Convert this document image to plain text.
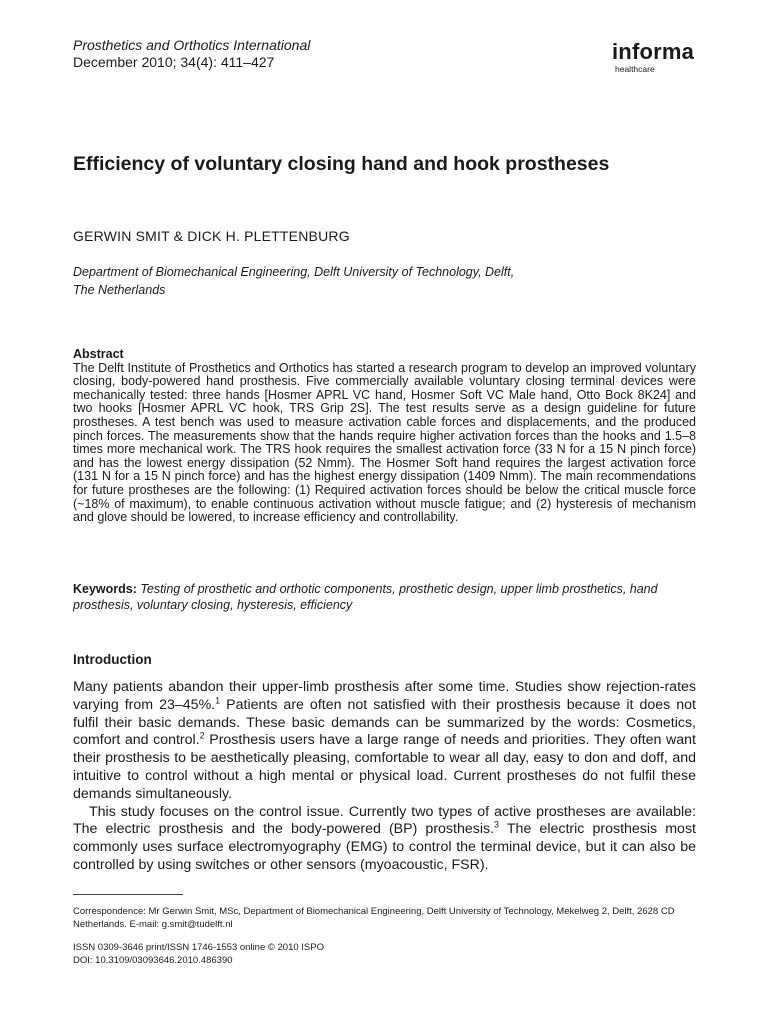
Prosthetics and Orthotics International
December 2010; 34(4): 411–427	informa
healthcare
Efficiency of voluntary closing hand and hook prostheses
GERWIN SMIT & DICK H. PLETTENBURG
Department of Biomechanical Engineering, Delft University of Technology, Delft,
The Netherlands
Abstract
The Delft Institute of Prosthetics and Orthotics has started a research program to develop an improved voluntary closing, body-powered hand prosthesis. Five commercially available voluntary closing terminal devices were mechanically tested: three hands [Hosmer APRL VC hand, Hosmer Soft VC Male hand, Otto Bock 8K24] and two hooks [Hosmer APRL VC hook, TRS Grip 2S]. The test results serve as a design guideline for future prostheses. A test bench was used to measure activation cable forces and displacements, and the produced pinch forces. The measurements show that the hands require higher activation forces than the hooks and 1.5–8 times more mechanical work. The TRS hook requires the smallest activation force (33 N for a 15 N pinch force) and has the lowest energy dissipation (52 Nmm). The Hosmer Soft hand requires the largest activation force (131 N for a 15 N pinch force) and has the highest energy dissipation (1409 Nmm). The main recommendations for future prostheses are the following: (1) Required activation forces should be below the critical muscle force (~18% of maximum), to enable continuous activation without muscle fatigue; and (2) hysteresis of mechanism and glove should be lowered, to increase efficiency and controllability.
Keywords: Testing of prosthetic and orthotic components, prosthetic design, upper limb prosthetics, hand prosthesis, voluntary closing, hysteresis, efficiency
Introduction

Many patients abandon their upper-limb prosthesis after some time. Studies show rejection-rates varying from 23–45%.$^1$ Patients are often not satisfied with their prosthesis because it does not fulfil their basic demands. These basic demands can be summarized by the words: Cosmetics, comfort and control.$^2$ Prosthesis users have a large range of needs and priorities. They often want their prosthesis to be aesthetically pleasing, comfortable to wear all day, easy to don and doff, and intuitive to control without a high mental or physical load. Current prostheses do not fulfil these demands simultaneously.

This study focuses on the control issue. Currently two types of active prostheses are available: The electric prosthesis and the body-powered (BP) prosthesis.$^3$ The electric prosthesis most commonly uses surface electromyography (EMG) to control the terminal device, but it can also be controlled by using switches or other sensors (myoacoustic, FSR).

Correspondence: Mr Gerwin Smit, MSc, Department of Biomechanical Engineering, Delft University of Technology, Mekelweg 2, Delft, 2628 CD Netherlands. E-mail: g.smit@tudelft.nl
ISSN 0309-3646 print/ISSN 1746-1553 online © 2010 ISPO
DOI: 10.3109/03093646.2010.486390
